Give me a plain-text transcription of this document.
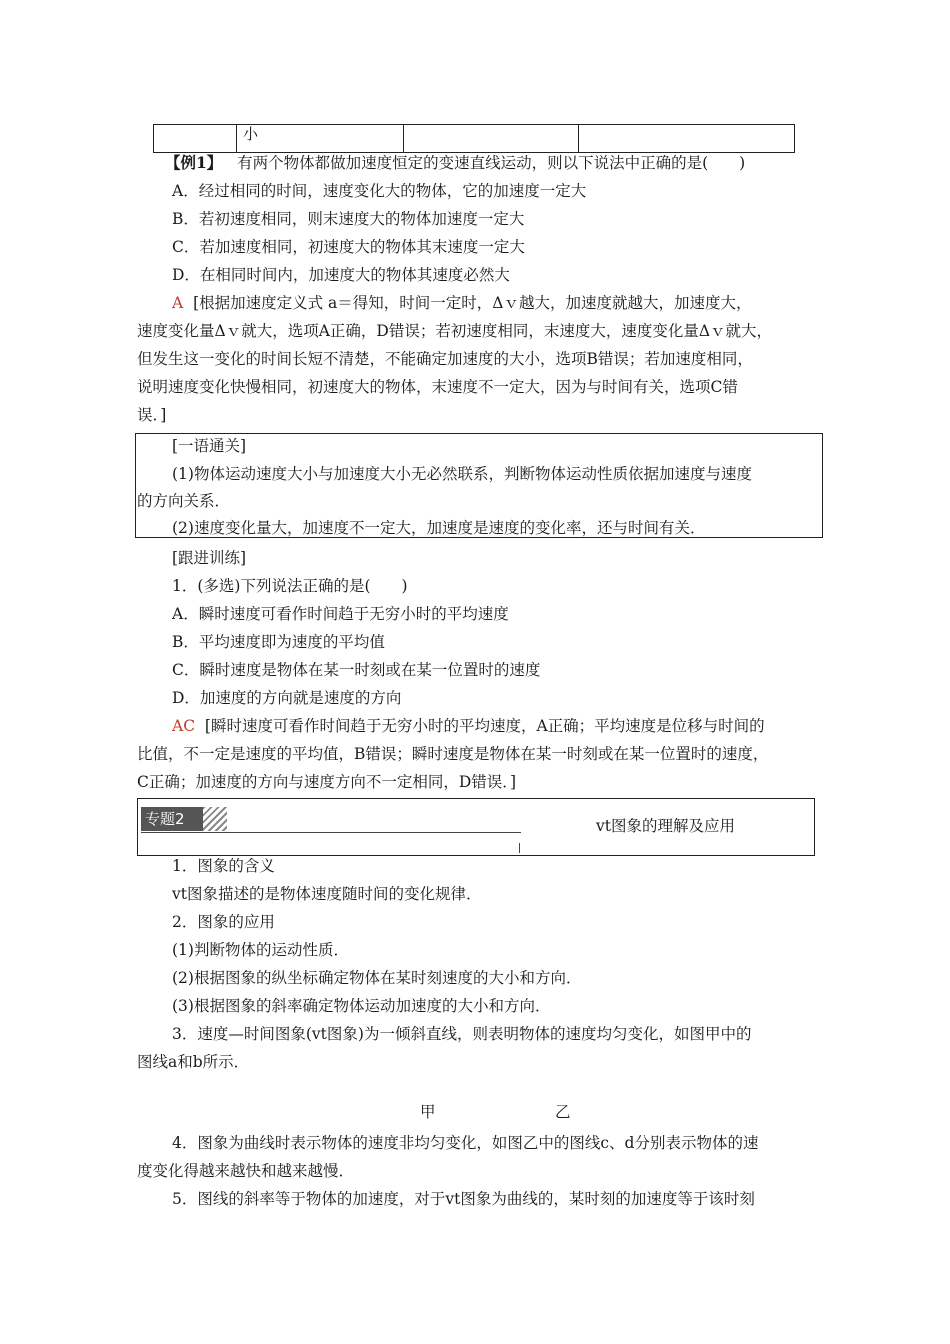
	小		
【例1】 有两个物体都做加速度恒定的变速直线运动，则以下说法中正确的是(　　)
A．经过相同的时间，速度变化大的物体，它的加速度一定大
B．若初速度相同，则末速度大的物体加速度一定大
C．若加速度相同，初速度大的物体其末速度一定大
D．在相同时间内，加速度大的物体其速度必然大
A [根据加速度定义式 a＝得知，时间一定时，Δｖ越大，加速度就越大，加速度大，
速度变化量Δｖ就大，选项A正确，D错误；若初速度相同，末速度大，速度变化量Δｖ就大，
但发生这一变化的时间长短不清楚，不能确定加速度的大小，选项B错误；若加速度相同，
说明速度变化快慢相同，初速度大的物体，末速度不一定大，因为与时间有关，选项C错
误．]
[一语通关]
(1)物体运动速度大小与加速度大小无必然联系，判断物体运动性质依据加速度与速度
的方向关系．
(2)速度变化量大，加速度不一定大，加速度是速度的变化率，还与时间有关．
[跟进训练]
1．(多选)下列说法正确的是(　　)
A．瞬时速度可看作时间趋于无穷小时的平均速度
B．平均速度即为速度的平均值
C．瞬时速度是物体在某一时刻或在某一位置时的速度
D．加速度的方向就是速度的方向
AC [瞬时速度可看作时间趋于无穷小时的平均速度，A正确；平均速度是位移与时间的
比值，不一定是速度的平均值，B错误；瞬时速度是物体在某一时刻或在某一位置时的速度，
C正确；加速度的方向与速度方向不一定相同，D错误．]
专题2	vt图象的理解及应用
1．图象的含义
vt图象描述的是物体速度随时间的变化规律．
2．图象的应用
(1)判断物体的运动性质．
(2)根据图象的纵坐标确定物体在某时刻速度的大小和方向．
(3)根据图象的斜率确定物体运动加速度的大小和方向．
3．速度—时间图象(vt图象)为一倾斜直线，则表明物体的速度均匀变化，如图甲中的
图线a和b所示．
甲	乙
4．图象为曲线时表示物体的速度非均匀变化，如图乙中的图线c、d分别表示物体的速
度变化得越来越快和越来越慢．
5．图线的斜率等于物体的加速度，对于vt图象为曲线的，某时刻的加速度等于该时刻
